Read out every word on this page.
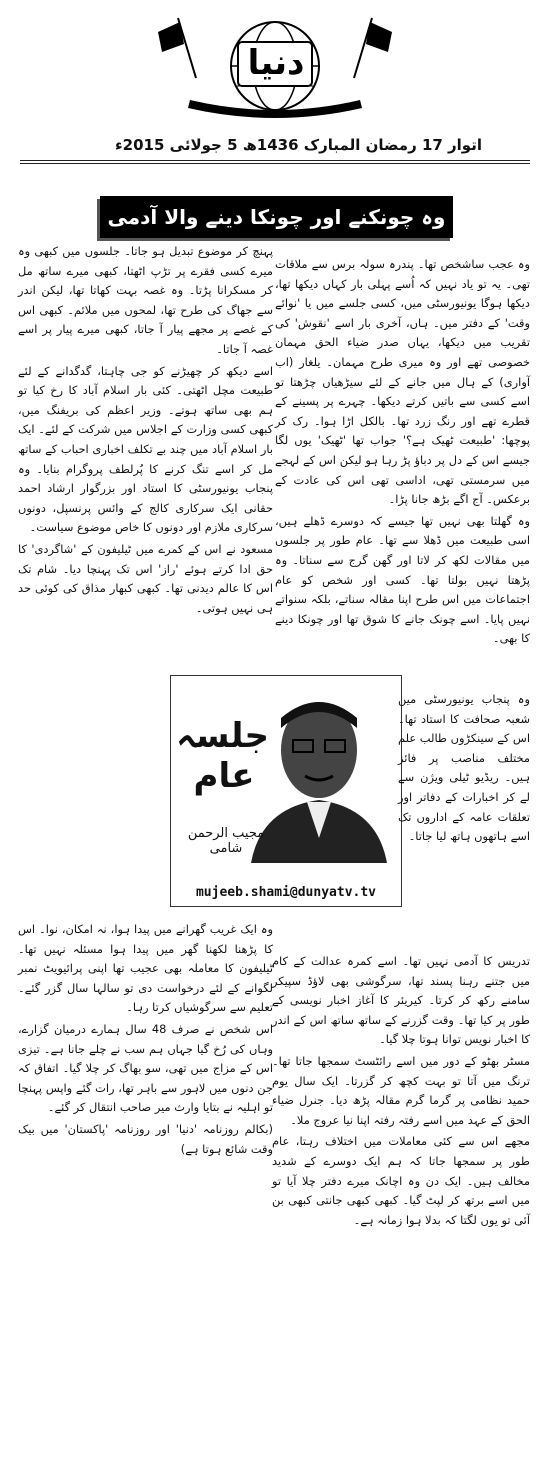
دنیا
اتوار 17 رمضان المبارک 1436ھ 5 جولائی 2015ء
وہ چونکنے اور چونکا دینے والا آدمی

وہ عجب ساشخص تھا۔ پندرہ سولہ برس سے ملاقات تھی۔ یہ تو یاد نہیں کہ اُسے پہلی بار کہاں دیکھا تھا، دیکھا ہوگا یونیورسٹی میں، کسی جلسے میں یا 'نوائے وقت' کے دفتر میں۔ ہاں، آخری بار اسے 'نقوش' کی تقریب میں دیکھا، یہاں صدر ضیاء الحق مہمان خصوصی تھے اور وہ میری طرح مہمان۔ یلغار (اب آواری) کے ہال میں جانے کے لئے سیڑھیاں چڑھتا تو اسے کسی سے باتیں کرتے دیکھا۔ چہرے پر پسینے کے قطرے تھے اور رنگ زرد تھا۔ بالکل اڑا ہوا۔ رک کر پوچھا: 'طبیعت ٹھیک ہے؟' جواب تھا 'ٹھیک' یوں لگا جیسے اس کے دل پر دباؤ پڑ رہا ہو لیکن اس کے لہجے میں سرمستی تھی، اداسی تھی اس کی عادت کے برعکس۔ آج اگے بڑھ جانا پڑا۔

وہ گھلتا بھی نہیں تھا جیسے کہ دوسرے ڈھلے ہیں، اسی طبیعت میں ڈھلا سے تھا۔ عام طور پر جلسوں میں مقالات لکھ کر لاتا اور گھن گرج سے سناتا۔ وہ پڑھتا نہیں بولتا تھا۔ کسی اور شخص کو عام اجتماعات میں اس طرح اپنا مقالہ سناتے، بلکہ سنواتے نہیں پایا۔ اسے چونک جانے کا شوق تھا اور چونکا دینے کا بھی۔

پہنچ کر موضوع تبدیل ہو جاتا۔ جلسوں میں کبھی وہ میرے کسی فقرے پر تڑپ اٹھتا، کبھی میرے ساتھ مل کر مسکرانا پڑتا۔ وہ غصہ بہت کھاتا تھا، لیکن اندر سے جھاگ کی طرح تھا، لمحوں میں ملائم۔ کبھی اس کے غصے پر مجھے پیار آ جاتا، کبھی میرے پیار پر اسے غصہ آ جاتا۔

اسے دیکھ کر چھیڑنے کو جی چاہتا، گدگدانے کے لئے طبیعت مچل اٹھتی۔ کئی بار اسلام آباد کا رخ کیا تو ہم بھی ساتھ ہوتے۔ وزیر اعظم کی بریفنگ میں، کبھی کسی وزارت کے اجلاس میں شرکت کے لئے۔ ایک بار اسلام آباد میں چند بے تکلف اخباری احباب کے ساتھ مل کر اسے تنگ کرنے کا پُرلطف پروگرام بنایا۔ وہ پنجاب یونیورسٹی کا استاد اور بزرگوار ارشاد احمد حقانی ایک سرکاری کالج کے وائس پرنسپل، دونوں سرکاری ملازم اور دونوں کا خاص موضوع سیاست۔

مسعود نے اس کے کمرے میں ٹیلیفون کے 'شاگردی' کا حق ادا کرتے ہوئے 'راز' اس تک پہنچا دیا۔ شام تک اس کا عالم دیدنی تھا۔ کبھی کبھار مذاق کی کوئی حد ہی نہیں ہوتی۔

جلسہ عام
مجیب الرحمن شامی
mujeeb.shami@dunyatv.tv

وہ پنجاب یونیورسٹی میں شعبہ صحافت کا استاد تھا۔ اس کے سینکڑوں طالب علم مختلف مناصب پر فائز ہیں۔ ریڈیو ٹیلی ویژن سے لے کر اخبارات کے دفاتر اور تعلقات عامہ کے اداروں تک اسے ہاتھوں ہاتھ لیا جاتا۔

وہ ایک غریب گھرانے میں پیدا ہوا، نہ امکان، نوا۔ اس کا پڑھنا لکھنا گھر میں پیدا ہوا مسئلہ نہیں تھا۔ ٹیلیفون کا معاملہ بھی عجیب تھا اپنی پرائیویٹ نمبر لگوانے کے لئے درخواست دی تو سالہا سال گزر گئے۔ تعلیم سے سرگوشیاں کرتا رہا۔

اس شخص نے صرف 48 سال ہمارے درمیان گزارے، وہاں کی رُخ گیا جہاں ہم سب نے چلے جانا ہے۔ تیزی اس کے مزاج میں تھی، سو بھاگ کر چلا گیا۔ اتفاق کہ جن دنوں میں لاہور سے باہر تھا، رات گئے واپس پہنچا تو اہلیہ نے بتایا وارث میر صاحب انتقال کر گئے۔

(بکالم روزنامہ 'دنیا' اور روزنامہ 'پاکستان' میں بیک وقت شائع ہوتا ہے)

تدریس کا آدمی نہیں تھا۔ اسے کمرہ عدالت کے کام میں جتنے رہنا پسند تھا، سرگوشی بھی لاؤڈ سپیکر سامنے رکھ کر کرتا۔ کیریئر کا آغاز اخبار نویسی کے طور پر کیا تھا۔ وقت گزرنے کے ساتھ ساتھ اس کے اندر کا اخبار نویس توانا ہوتا چلا گیا۔

مسٹر بھٹو کے دور میں اسے رائٹسٹ سمجھا جاتا تھا۔ ترنگ میں آتا تو بہت کچھ کر گزرتا۔ ایک سال یوم حمید نظامی پر گرما گرم مقالہ پڑھ دیا۔ جنرل ضیاء الحق کے عہد میں اسے رفتہ رفتہ اپنا نیا عروج ملا۔

مجھے اس سے کئی معاملات میں اختلاف رہتا، عام طور پر سمجھا جاتا کہ ہم ایک دوسرے کے شدید مخالف ہیں۔ ایک دن وہ اچانک میرے دفتر چلا آیا تو میں اسے برتھ کر لپٹ گیا۔ کبھی کبھی جانتی کبھی بن آئی تو یوں لگتا کہ بدلا ہوا زمانہ ہے۔
